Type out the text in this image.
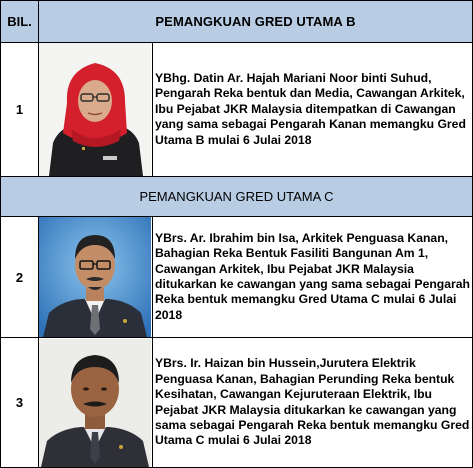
BIL.	PEMANGKUAN GRED UTAMA B	
1		YBhg. Datin Ar. Hajah Mariani Noor binti Suhud, Pengarah Reka bentuk dan Media, Cawangan Arkitek, Ibu Pejabat JKR Malaysia ditempatkan di Cawangan yang sama sebagai Pengarah Kanan memangku Gred Utama B mulai 6 Julai 2018
PEMANGKUAN GRED UTAMA C		
2		YBrs. Ar. Ibrahim bin Isa, Arkitek Penguasa Kanan, Bahagian Reka Bentuk Fasiliti Bangunan Am 1, Cawangan Arkitek, Ibu Pejabat JKR Malaysia ditukarkan ke cawangan yang sama sebagai Pengarah Reka bentuk memangku Gred Utama C mulai 6 Julai 2018
3		YBrs. Ir. Haizan bin Hussein,Jurutera Elektrik Penguasa Kanan, Bahagian Perunding Reka bentuk Kesihatan, Cawangan Kejuruteraan Elektrik, Ibu Pejabat JKR Malaysia ditukarkan ke cawangan yang sama sebagai Pengarah Reka bentuk memangku Gred Utama C mulai 6 Julai 2018
